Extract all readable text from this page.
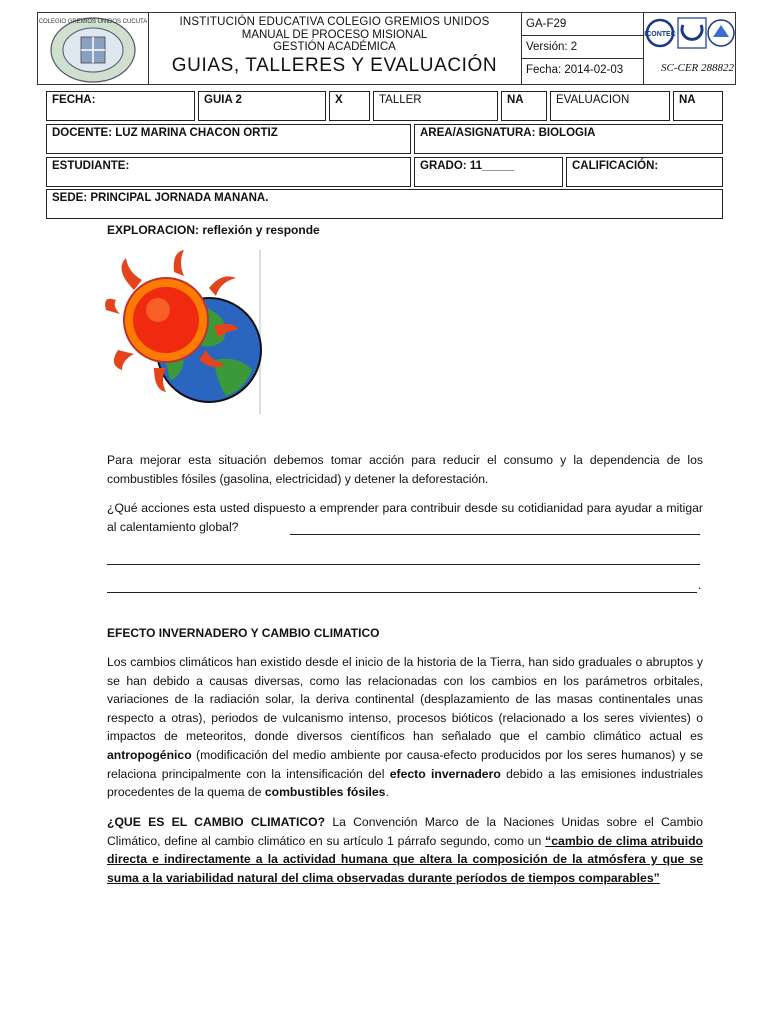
COLEGIO GREMIOS UNIDOS CUCUTA	INSTITUCIÓN EDUCATIVA COLEGIO GREMIOS UNIDOS
MANUAL DE PROCESO MISIONAL
GESTIÓN ACADÉMICA
GUIAS, TALLERES Y EVALUACIÓN
GA-F29
Versión: 2
Fecha: 2014-02-03
ICONTEC
SC-CER 288822
FECHA:	GUIA 2	X	TALLER	NA	EVALUACION	NA
DOCENTE: LUZ MARINA CHACON ORTIZ	AREA/ASIGNATURA: BIOLOGIA
ESTUDIANTE:	GRADO: 11_____	CALIFICACIÓN:
SEDE: PRINCIPAL JORNADA MANANA.
EXPLORACION: reflexión y responde
Para mejorar esta situación debemos tomar acción para reducir el consumo y la dependencia de los combustibles fósiles (gasolina, electricidad) y detener la deforestación.
¿Qué acciones esta usted dispuesto a emprender para contribuir desde su cotidianidad para ayudar a mitigar al calentamiento global?
.
EFECTO INVERNADERO Y CAMBIO CLIMATICO
Los cambios climáticos han existido desde el inicio de la historia de la Tierra, han sido graduales o abruptos y se han debido a causas diversas, como las relacionadas con los cambios en los parámetros orbitales, variaciones de la radiación solar, la deriva continental (desplazamiento de las masas continentales unas respecto a otras), periodos de vulcanismo intenso, procesos bióticos (relacionado a los seres vivientes) o impactos de meteoritos, donde diversos científicos han señalado que el cambio climático actual es antropogénico (modificación del medio ambiente por causa-efecto producidos por los seres humanos) y se relaciona principalmente con la intensificación del efecto invernadero debido a las emisiones industriales procedentes de la quema de combustibles fósiles.
¿QUE ES EL CAMBIO CLIMATICO? La Convención Marco de la Naciones Unidas sobre el Cambio Climático, define al cambio climático en su artículo 1 párrafo segundo, como un “cambio de clima atribuido directa e indirectamente a la actividad humana que altera la composición de la atmósfera y que se suma a la variabilidad natural del clima observadas durante períodos de tiempos comparables”
